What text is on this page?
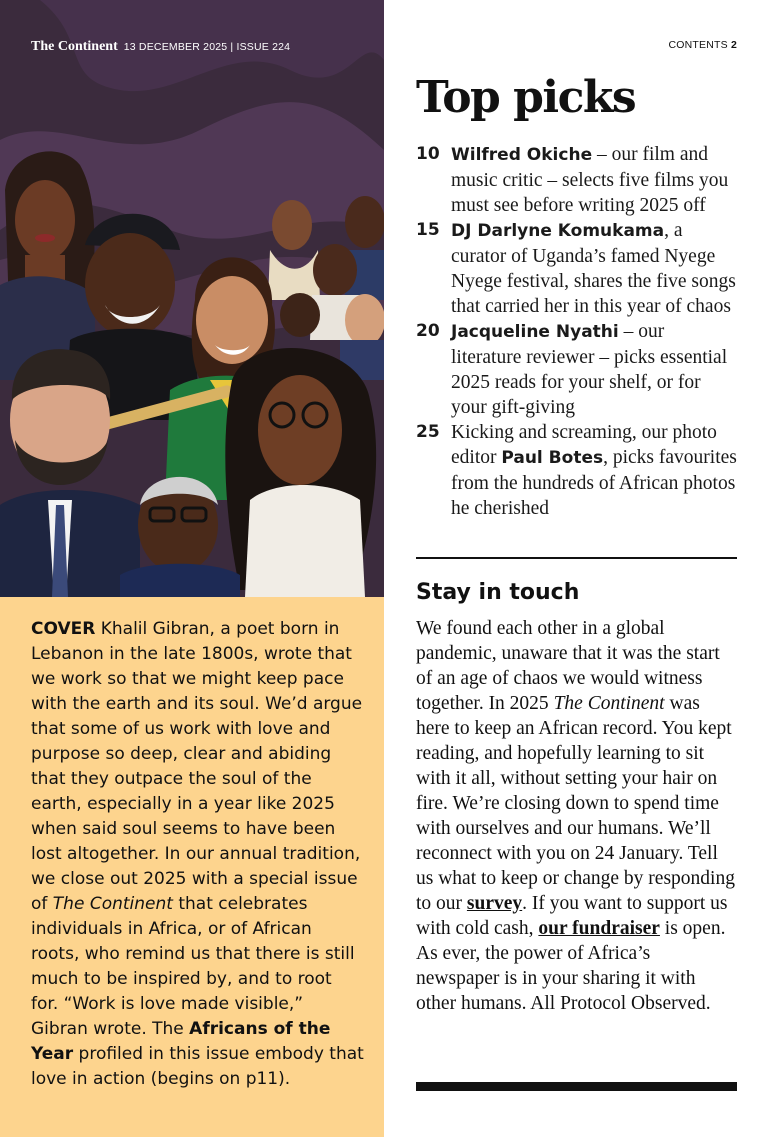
The Continent 13 DECEMBER 2025 | ISSUE 224

COVER Khalil Gibran, a poet born in Lebanon in the late 1800s, wrote that we work so that we might keep pace with the earth and its soul. We’d argue that some of us work with love and purpose so deep, clear and abiding that they outpace the soul of the earth, especially in a year like 2025 when said soul seems to have been lost altogether. In our annual tradition, we close out 2025 with a special issue of The Continent that celebrates individuals in Africa, or of African roots, who remind us that there is still much to be inspired by, and to root for. “Work is love made visible,” Gibran wrote. The Africans of the Year profiled in this issue embody that love in action (begins on p11).

CONTENTS 2
Top picks
10 Wilfred Okiche – our film and music critic – selects five films you must see before writing 2025 off
15 DJ Darlyne Komukama, a curator of Uganda’s famed Nyege Nyege festival, shares the five songs that carried her in this year of chaos
20 Jacqueline Nyathi – our literature reviewer – picks essential 2025 reads for your shelf, or for your gift-giving
25 Kicking and screaming, our photo editor Paul Botes, picks favourites from the hundreds of African photos he cherished
Stay in touch

We found each other in a global pandemic, unaware that it was the start of an age of chaos we would witness together. In 2025 The Continent was here to keep an African record. You kept reading, and hopefully learning to sit with it all, without setting your hair on fire. We’re closing down to spend time with ourselves and our humans. We’ll reconnect with you on 24 January. Tell us what to keep or change by responding to our survey. If you want to support us with cold cash, our fundraiser is open. As ever, the power of Africa’s newspaper is in your sharing it with other humans. All Protocol Observed.
